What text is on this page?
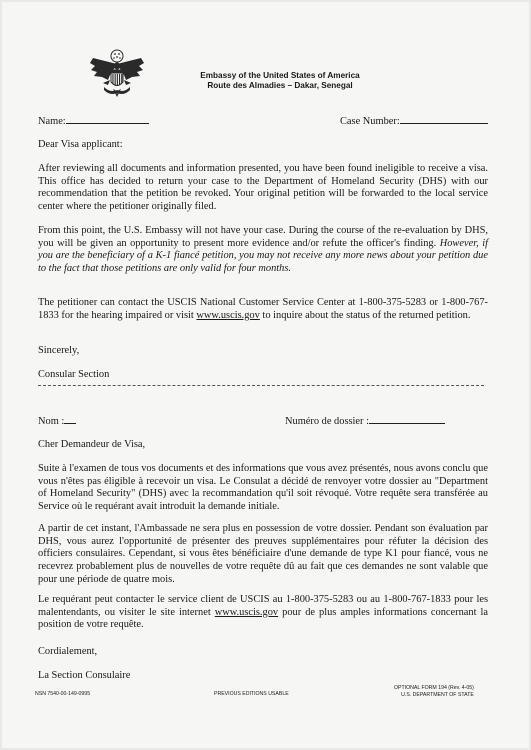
Embassy of the United States of America
Route des Almadies – Dakar, Senegal
Name:	Case Number:
Dear Visa applicant:
After reviewing all documents and information presented, you have been found ineligible to receive a visa. This office has decided to return your case to the Department of Homeland Security (DHS) with our recommendation that the petition be revoked. Your original petition will be forwarded to the local service center where the petitioner originally filed.
From this point, the U.S. Embassy will not have your case. During the course of the re-evaluation by DHS, you will be given an opportunity to present more evidence and/or refute the officer's finding. However, if you are the beneficiary of a K-1 fiancé petition, you may not receive any more news about your petition due to the fact that those petitions are only valid for four months.
The petitioner can contact the USCIS National Customer Service Center at 1-800-375-5283 or 1-800-767-1833 for the hearing impaired or visit www.uscis.gov to inquire about the status of the returned petition.
Sincerely,
Consular Section
Nom :	Numéro de dossier :
Cher Demandeur de Visa,
Suite à l'examen de tous vos documents et des informations que vous avez présentés, nous avons conclu que vous n'êtes pas éligible à recevoir un visa. Le Consulat a décidé de renvoyer votre dossier au "Department of Homeland Security" (DHS) avec la recommandation qu'il soit révoqué. Votre requête sera transférée au Service où le requérant avait introduit la demande initiale.
A partir de cet instant, l'Ambassade ne sera plus en possession de votre dossier. Pendant son évaluation par DHS, vous aurez l'opportunité de présenter des preuves supplémentaires pour réfuter la décision des officiers consulaires. Cependant, si vous êtes bénéficiaire d'une demande de type K1 pour fiancé, vous ne recevrez probablement plus de nouvelles de votre requête dû au fait que ces demandes ne sont valable que pour une période de quatre mois.
Le requérant peut contacter le service client de USCIS au 1-800-375-5283 ou au 1-800-767-1833 pour les malentendants, ou visiter le site internet www.uscis.gov pour de plus amples informations concernant la position de votre requête.
Cordialement,
La Section Consulaire
NSN 7540-00-149-0995	PREVIOUS EDITIONS USABLE
OPTIONAL FORM 194 (Rev. 4-05)
U.S. DEPARTMENT OF STATE
